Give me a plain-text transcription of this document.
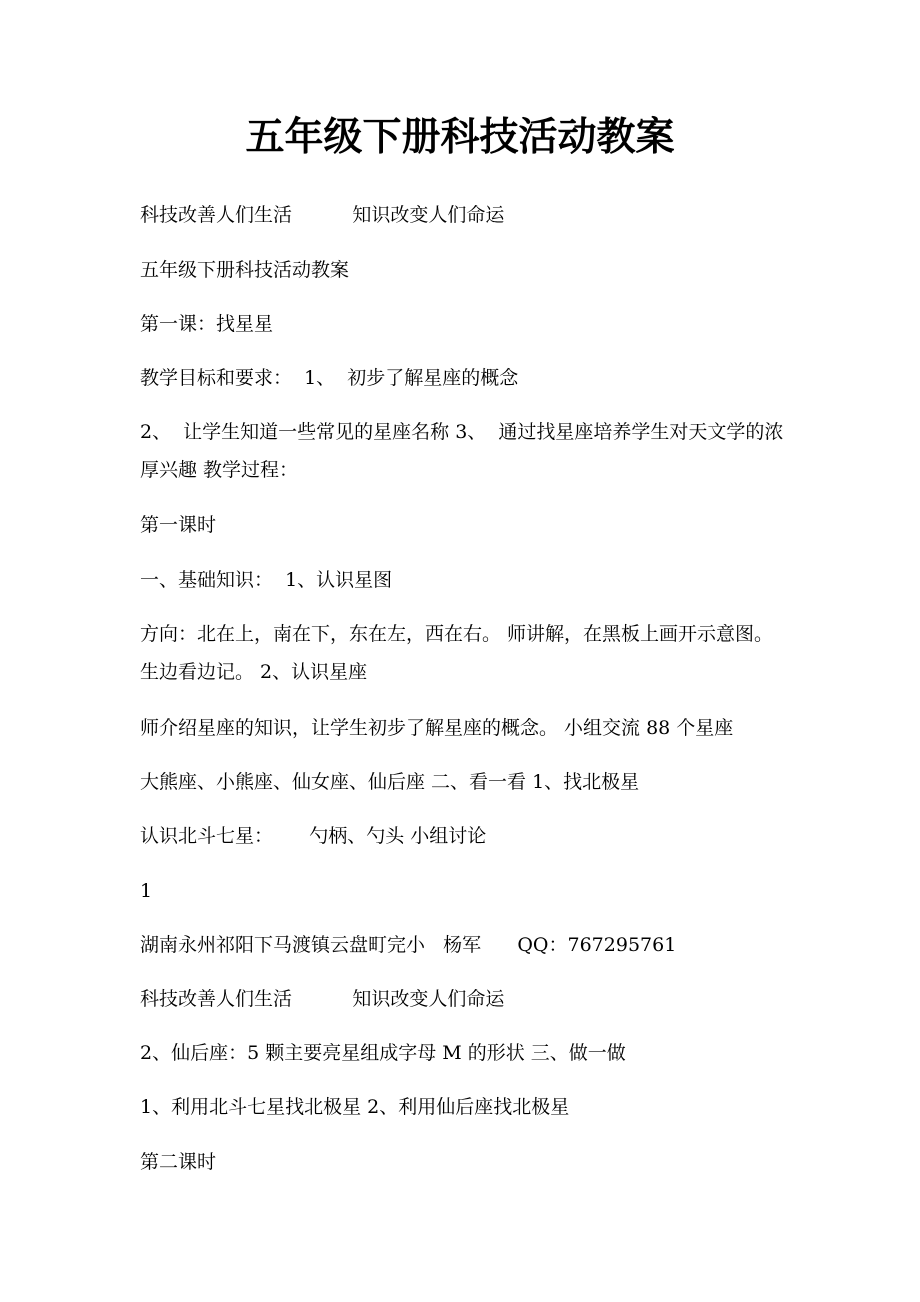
五年级下册科技活动教案

科技改善人们生活          知识改变人们命运

五年级下册科技活动教案

第一课：找星星

教学目标和要求：  1、  初步了解星座的概念

2、  让学生知道一些常见的星座名称 3、  通过找星座培养学生对天文学的浓厚兴趣 教学过程：

第一课时

一、基础知识：  1、认识星图

方向：北在上，南在下，东在左，西在右。 师讲解，在黑板上画开示意图。 生边看边记。 2、认识星座

师介绍星座的知识，让学生初步了解星座的概念。 小组交流 88 个星座

大熊座、小熊座、仙女座、仙后座 二、看一看 1、找北极星

认识北斗七星：      勺柄、勺头 小组讨论

1

湖南永州祁阳下马渡镇云盘町完小   杨军      QQ：767295761

科技改善人们生活          知识改变人们命运

2、仙后座：5 颗主要亮星组成字母 M 的形状 三、做一做

1、利用北斗七星找北极星 2、利用仙后座找北极星

第二课时
